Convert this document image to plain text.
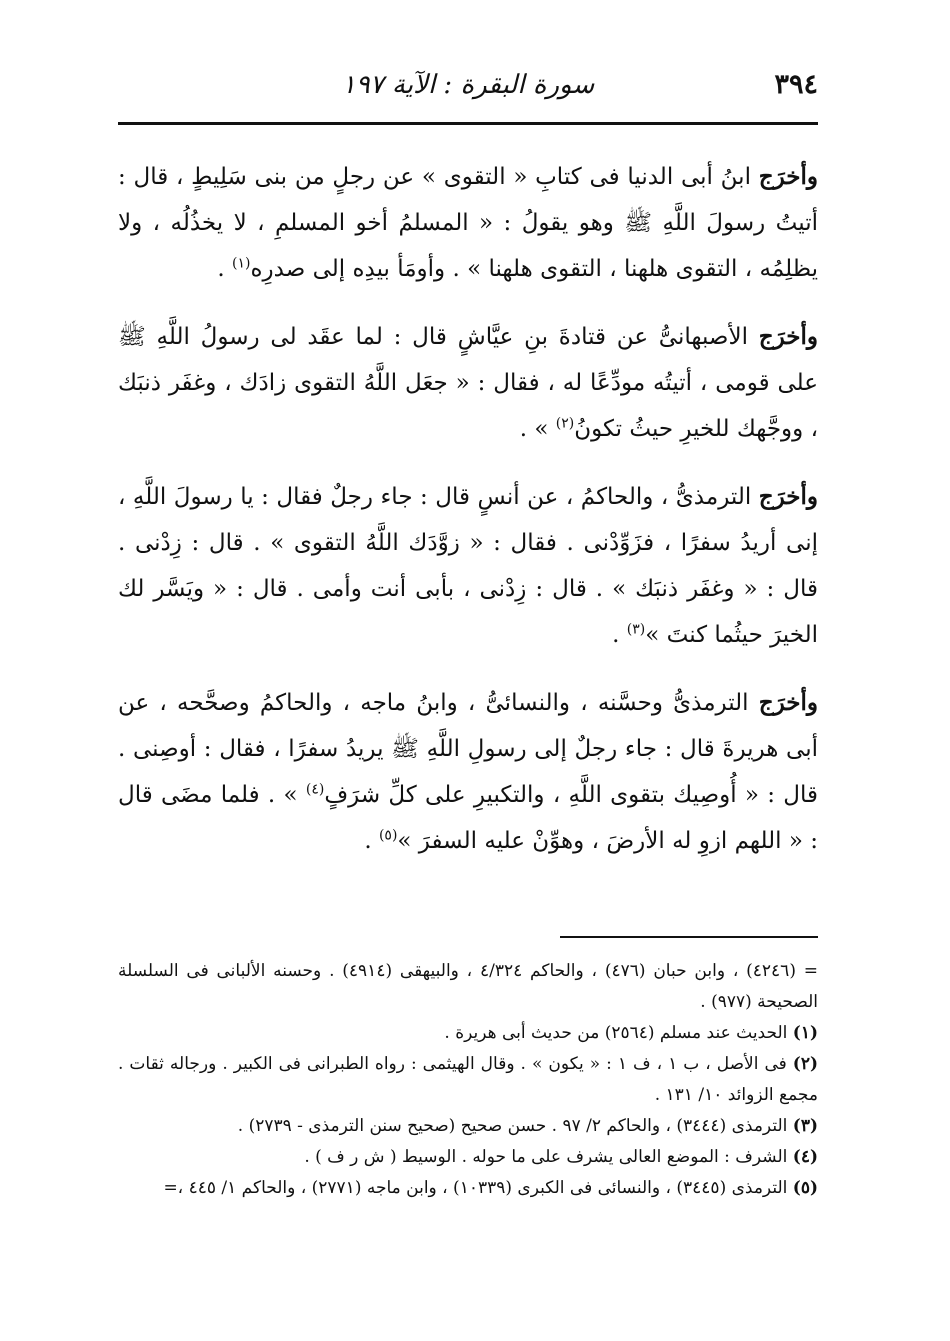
٣٩٤
سورة البقرة : الآية ١٩٧

وأخرَج ابنُ أبى الدنيا فى كتابِ « التقوى » عن رجلٍ من بنى سَلِيطٍ ، قال : أتيتُ رسولَ اللَّهِ ﷺ وهو يقولُ : « المسلمُ أخو المسلمِ ، لا يخذُلُه ، ولا يظلِمُه ، التقوى هلهنا ، التقوى هلهنا » . وأومَأ بيدِه إلى صدرِه$^{(١)}$ .

وأخرَج الأصبهانىُّ عن قتادةَ بنِ عيَّاشٍ قال : لما عقَد لى رسولُ اللَّهِ ﷺ على قومى ، أتيتُه مودِّعًا له ، فقال : « جعَل اللَّهُ التقوى زادَك ، وغفَر ذنبَك ، ووجَّهك للخيرِ حيثُ تكونُ$^{(٢)}$ » .

وأخرَج الترمذىُّ ، والحاكمُ ، عن أنسٍ قال : جاء رجلٌ فقال : يا رسولَ اللَّهِ ، إنى أريدُ سفرًا ، فزَوِّدْنى . فقال : « زوَّدَك اللَّهُ التقوى » . قال : زِدْنى . قال : « وغفَر ذنبَك » . قال : زِدْنى ، بأبى أنت وأمى . قال : « ويَسَّر لك الخيرَ حيثُما كنتَ »$^{(٣)}$ .

وأخرَج الترمذىُّ وحسَّنه ، والنسائىُّ ، وابنُ ماجه ، والحاكمُ وصحَّحه ، عن أبى هريرةَ قال : جاء رجلٌ إلى رسولِ اللَّهِ ﷺ يريدُ سفرًا ، فقال : أوصِنى . قال : « أُوصِيك بتقوى اللَّهِ ، والتكبيرِ على كلِّ شرَفٍ$^{(٤)}$ » . فلما مضَى قال : « اللهم ازوِ له الأرضَ ، وهوِّنْ عليه السفرَ »$^{(٥)}$ .

= (٤٢٤٦) ، وابن حبان (٤٧٦) ، والحاكم ٤/٣٢٤ ، والبيهقى (٤٩١٤) . وحسنه الألبانى فى السلسلة الصحيحة (٩٧٧) .

(١) الحديث عند مسلم (٢٥٦٤) من حديث أبى هريرة .

(٢) فى الأصل ، ب ١ ، ف ١ : « يكون » . وقال الهيثمى : رواه الطبرانى فى الكبير . ورجاله ثقات . مجمع الزوائد ١٠/ ١٣١ .

(٣) الترمذى (٣٤٤٤) ، والحاكم ٢/ ٩٧ . حسن صحيح (صحيح سنن الترمذى - ٢٧٣٩) .

(٤) الشرف : الموضع العالى يشرف على ما حوله . الوسيط ( ش ر ف ) .

(٥) الترمذى (٣٤٤٥) ، والنسائى فى الكبرى (١٠٣٣٩) ، وابن ماجه (٢٧٧١) ، والحاكم ١/ ٤٤٥ ،=
